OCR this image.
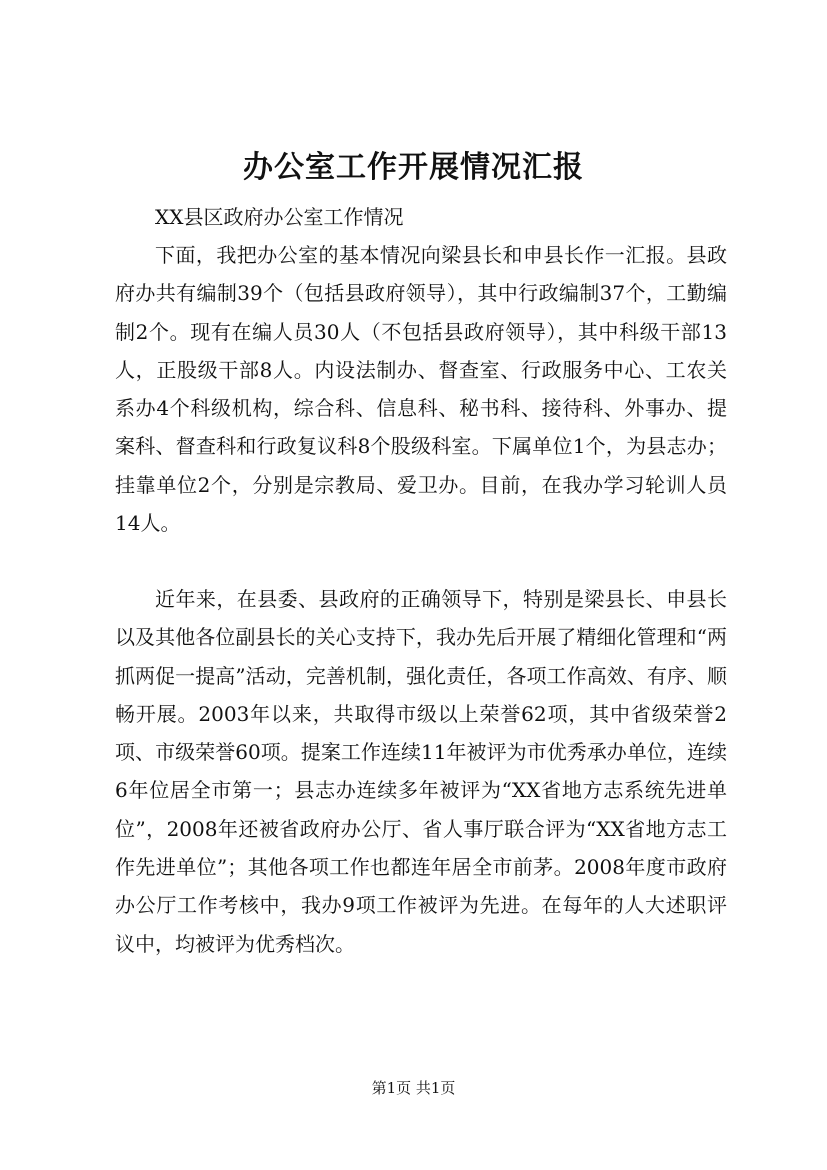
办公室工作开展情况汇报

XX县区政府办公室工作情况

下面，我把办公室的基本情况向梁县长和申县长作一汇报。县政府办共有编制39个（包括县政府领导），其中行政编制37个，工勤编制2个。现有在编人员30人（不包括县政府领导），其中科级干部13人，正股级干部8人。内设法制办、督查室、行政服务中心、工农关系办4个科级机构，综合科、信息科、秘书科、接待科、外事办、提案科、督查科和行政复议科8个股级科室。下属单位1个，为县志办；挂靠单位2个，分别是宗教局、爱卫办。目前，在我办学习轮训人员14人。

近年来，在县委、县政府的正确领导下，特别是梁县长、申县长以及其他各位副县长的关心支持下，我办先后开展了精细化管理和“两抓两促一提高”活动，完善机制，强化责任，各项工作高效、有序、顺畅开展。2003年以来，共取得市级以上荣誉62项，其中省级荣誉2项、市级荣誉60项。提案工作连续11年被评为市优秀承办单位，连续6年位居全市第一；县志办连续多年被评为“XX省地方志系统先进单位”，2008年还被省政府办公厅、省人事厅联合评为“XX省地方志工作先进单位”；其他各项工作也都连年居全市前茅。2008年度市政府办公厅工作考核中，我办9项工作被评为先进。在每年的人大述职评议中，均被评为优秀档次。

第1页 共1页
